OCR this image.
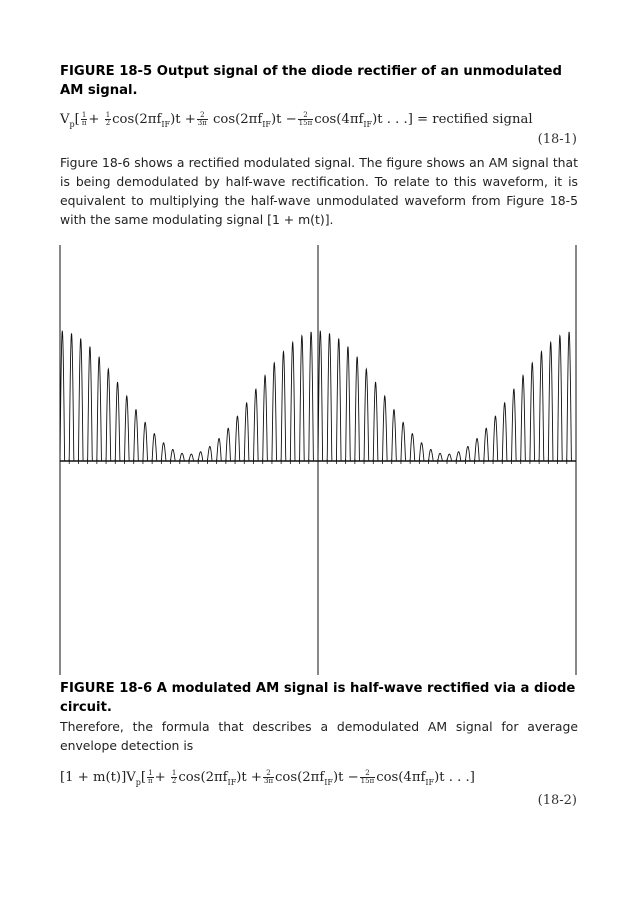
FIGURE 18-5 Output signal of the diode rectifier of an unmodulated AM signal.
$V_p[ \frac{1}{\pi} + \frac{1}{2} \cos(2\pi f_{IF})t + \frac{2}{3\pi} \cos(2\pi f_{IF})t - \frac{2}{15\pi} \cos(4\pi f_{IF})t$ . . .] = rectified signal
(18-1)
Figure 18-6 shows a rectified modulated signal. The figure shows an AM signal that is being demodulated by half-wave rectification. To relate to this waveform, it is equivalent to multiplying the half-wave unmodulated waveform from Figure 18-5 with the same modulating signal [1 + m(t)].
FIGURE 18-6 A modulated AM signal is half-wave rectified via a diode circuit.
Therefore, the formula that describes a demodulated AM signal for average envelope detection is
$[1 + m(t)]V_p[ \frac{1}{\pi} + \frac{1}{2} \cos(2\pi f_{IF})t + \frac{2}{3\pi} \cos(2\pi f_{IF})t - \frac{2}{15\pi} \cos(4\pi f_{IF})t$ . . .]
(18-2)
